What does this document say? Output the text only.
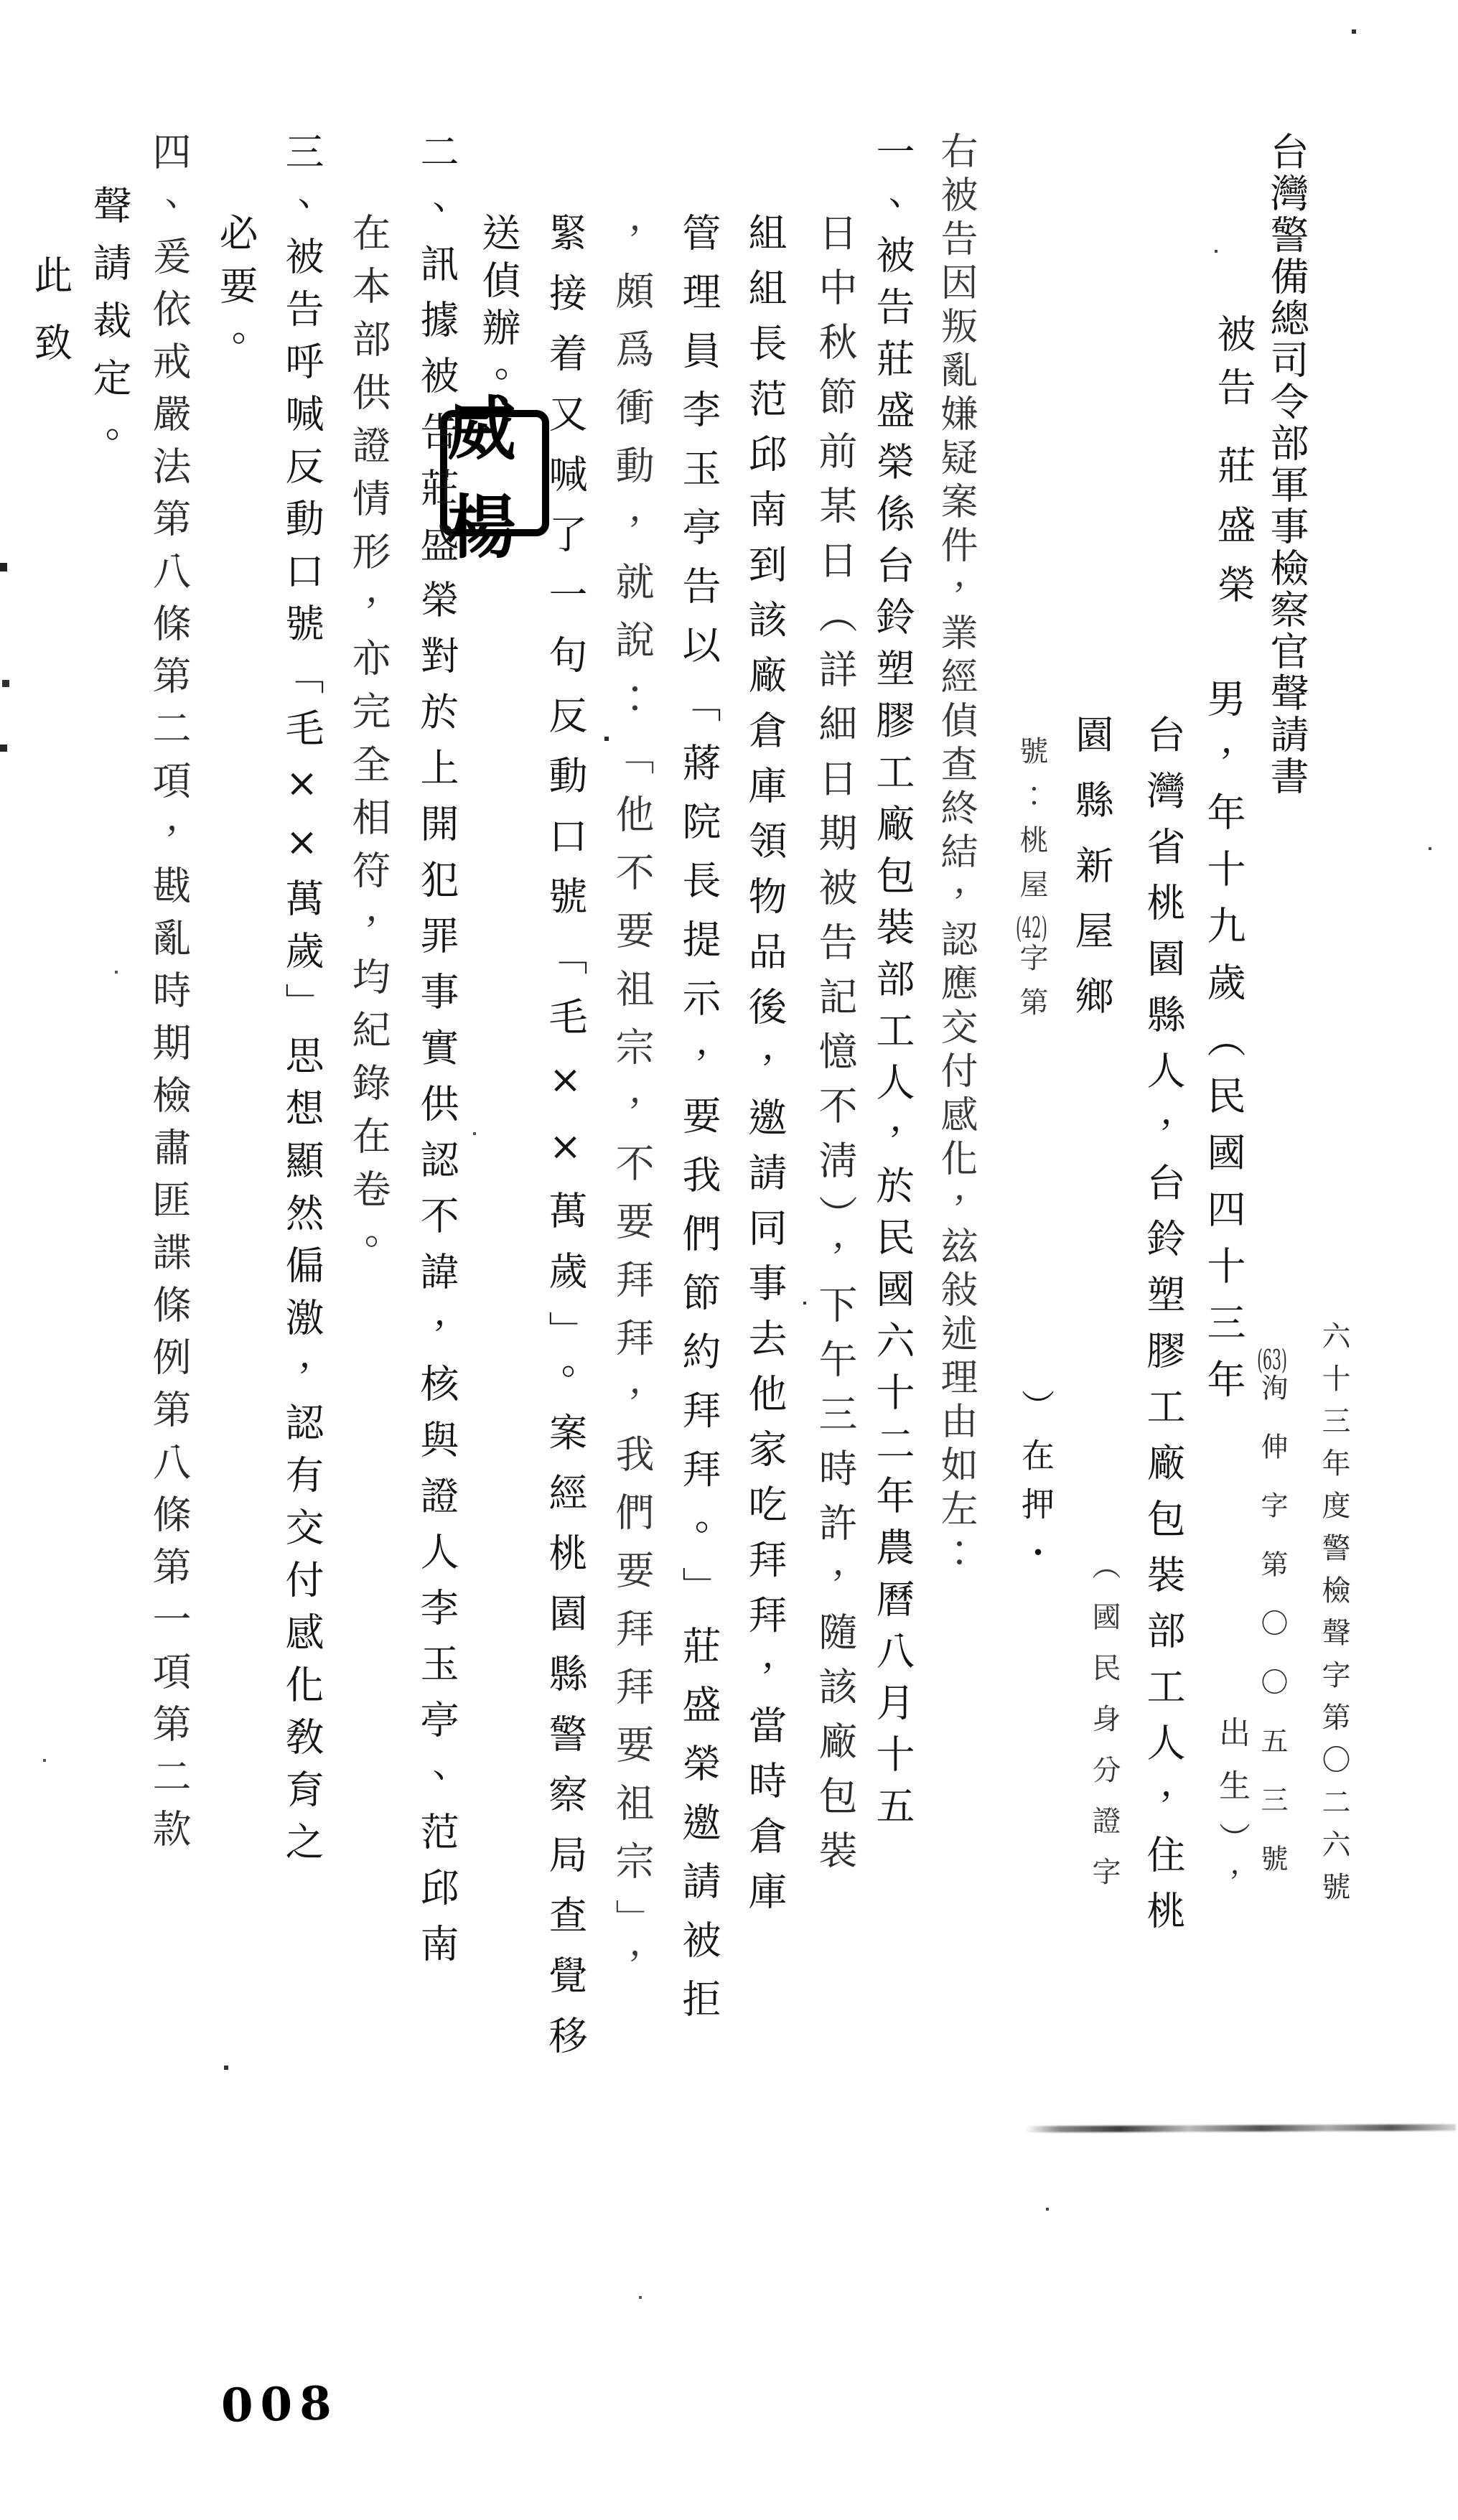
六十三年度警檢聲字第〇二六號
台灣警備總司令部軍事檢察官聲請書
被告
莊盛榮
男，年十九歲（民國四十三年 (63)洵伸字第〇〇五三號
出生），
台灣省桃園縣人，台鈴塑膠工廠包裝部工人，住桃
園縣新屋鄉
（國民身分證字
號：桃屋(42)字第
）在押・
右被告因叛亂嫌疑案件，業經偵查終結，認應交付感化，玆敍述理由如左：
一、被告莊盛榮係台鈴塑膠工廠包裝部工人，於民國六十二年農曆八月十五
日中秋節前某日（詳細日期被告記憶不淸），下午三時許，隨該廠包裝
組組長范邱南到該廠倉庫領物品後，邀請同事去他家吃拜拜，當時倉庫
管理員李玉亭告以「蔣院長提示，要我們節約拜拜。」莊盛榮邀請被拒
，頗爲衝動，就說：「他不要祖宗，不要拜拜，我們要拜拜要祖宗」，
緊接着又喊了一句反動口號「毛××萬歲」。案經桃園縣警察局查覺移
送偵辦。
威楊
二、訊據被告莊盛榮對於上開犯罪事實供認不諱，核與證人李玉亭、范邱南
在本部供證情形，亦完全相符，均紀錄在卷。
三、被告呼喊反動口號「毛××萬歲」思想顯然偏激，認有交付感化敎育之
必要。
四、爰依戒嚴法第八條第二項，戡亂時期檢肅匪諜條例第八條第一項第二款
聲請裁定。
此致
008
